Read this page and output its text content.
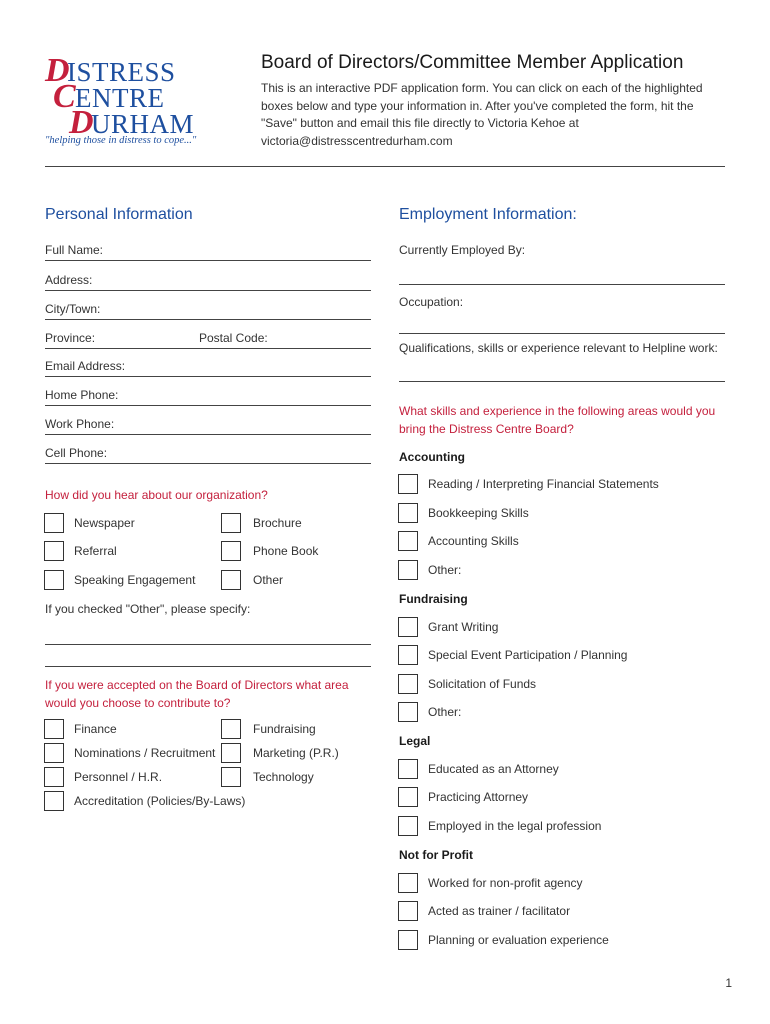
DISTRESS
CENTRE
DURHAM
"helping those in distress to cope..."
Board of Directors/Committee Member Application
This is an interactive PDF application form. You can click on each of the highlighted boxes below and type your information in. After you've completed the form, hit the "Save" button and email this file directly to Victoria Kehoe at victoria@distresscentredurham.com
Personal Information
Full Name:
Address:
City/Town:
Province:	Postal Code:
Email Address:
Home Phone:
Work Phone:
Cell Phone:
How did you hear about our organization?
Newspaper	Brochure
Referral	Phone Book
Speaking Engagement	Other
If you checked "Other", please specify:
If you were accepted on the Board of Directors what area would you choose to contribute to?
Finance	Fundraising
Nominations / Recruitment	Marketing (P.R.)
Personnel / H.R.	Technology
Accreditation (Policies/By-Laws)
Employment Information:
Currently Employed By:
Occupation:
Qualifications, skills or experience relevant to Helpline work:
What skills and experience in the following areas would you bring the Distress Centre Board?
Accounting
Reading / Interpreting Financial Statements
Bookkeeping Skills
Accounting Skills
Other:
Fundraising
Grant Writing
Special Event Participation / Planning
Solicitation of Funds
Other:
Legal
Educated as an Attorney
Practicing Attorney
Employed in the legal profession
Not for Profit
Worked for non-profit agency
Acted as trainer / facilitator
Planning or evaluation experience
1
